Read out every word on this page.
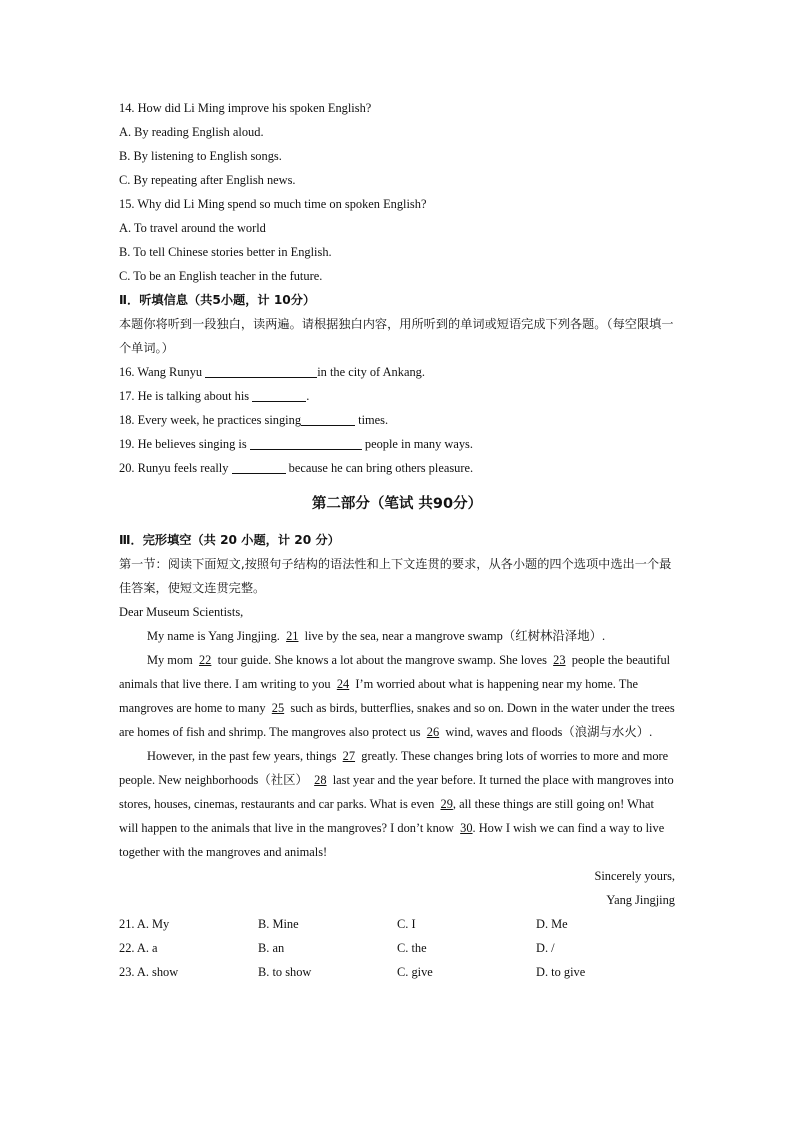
14. How did Li Ming improve his spoken English?
A. By reading English aloud.
B. By listening to English songs.
C. By repeating after English news.
15. Why did Li Ming spend so much time on spoken English?
A. To travel around the world
B. To tell Chinese stories better in English.
C. To be an English teacher in the future.
Ⅱ．听填信息（共5小题，计 10分）
本题你将听到一段独白，读两遍。请根据独白内容，用所听到的单词或短语完成下列各题。（每空限填一个单词。）
16. Wang Runyu	in the city of Ankang.
17. He is talking about his	.
18. Every week, he practices singing	times.
19. He believes singing is	people in many ways.
20. Runyu feels really	because he can bring others pleasure.
第二部分（笔试 共90分）
Ⅲ．完形填空（共 20 小题，计 20 分）
第一节：阅读下面短文,按照句子结构的语法性和上下文连贯的要求，从各小题的四个选项中选出一个最佳答案，使短文连贯完整。
Dear Museum Scientists,
My name is Yang Jingjing. 21 live by the sea, near a mangrove swamp（红树林沿泽地）.
My mom 22 tour guide. She knows a lot about the mangrove swamp. She loves 23 people the beautiful animals that live there. I am writing to you 24 I’m worried about what is happening near my home. The mangroves are home to many 25 such as birds, butterflies, snakes and so on. Down in the water under the trees are homes of fish and shrimp. The mangroves also protect us 26 wind, waves and floods（浪湖与水火）.
However, in the past few years, things 27 greatly. These changes bring lots of worries to more and more people. New neighborhoods（社区） 28 last year and the year before. It turned the place with mangroves into stores, houses, cinemas, restaurants and car parks. What is even 29, all these things are still going on! What will happen to the animals that live in the mangroves? I don’t know 30. How I wish we can find a way to live together with the mangroves and animals!
Sincerely yours,
Yang Jingjing
21. A. My	B. Mine	C. I	D. Me
22. A. a	B. an	C. the	D. /
23. A. show	B. to show	C. give	D. to give
